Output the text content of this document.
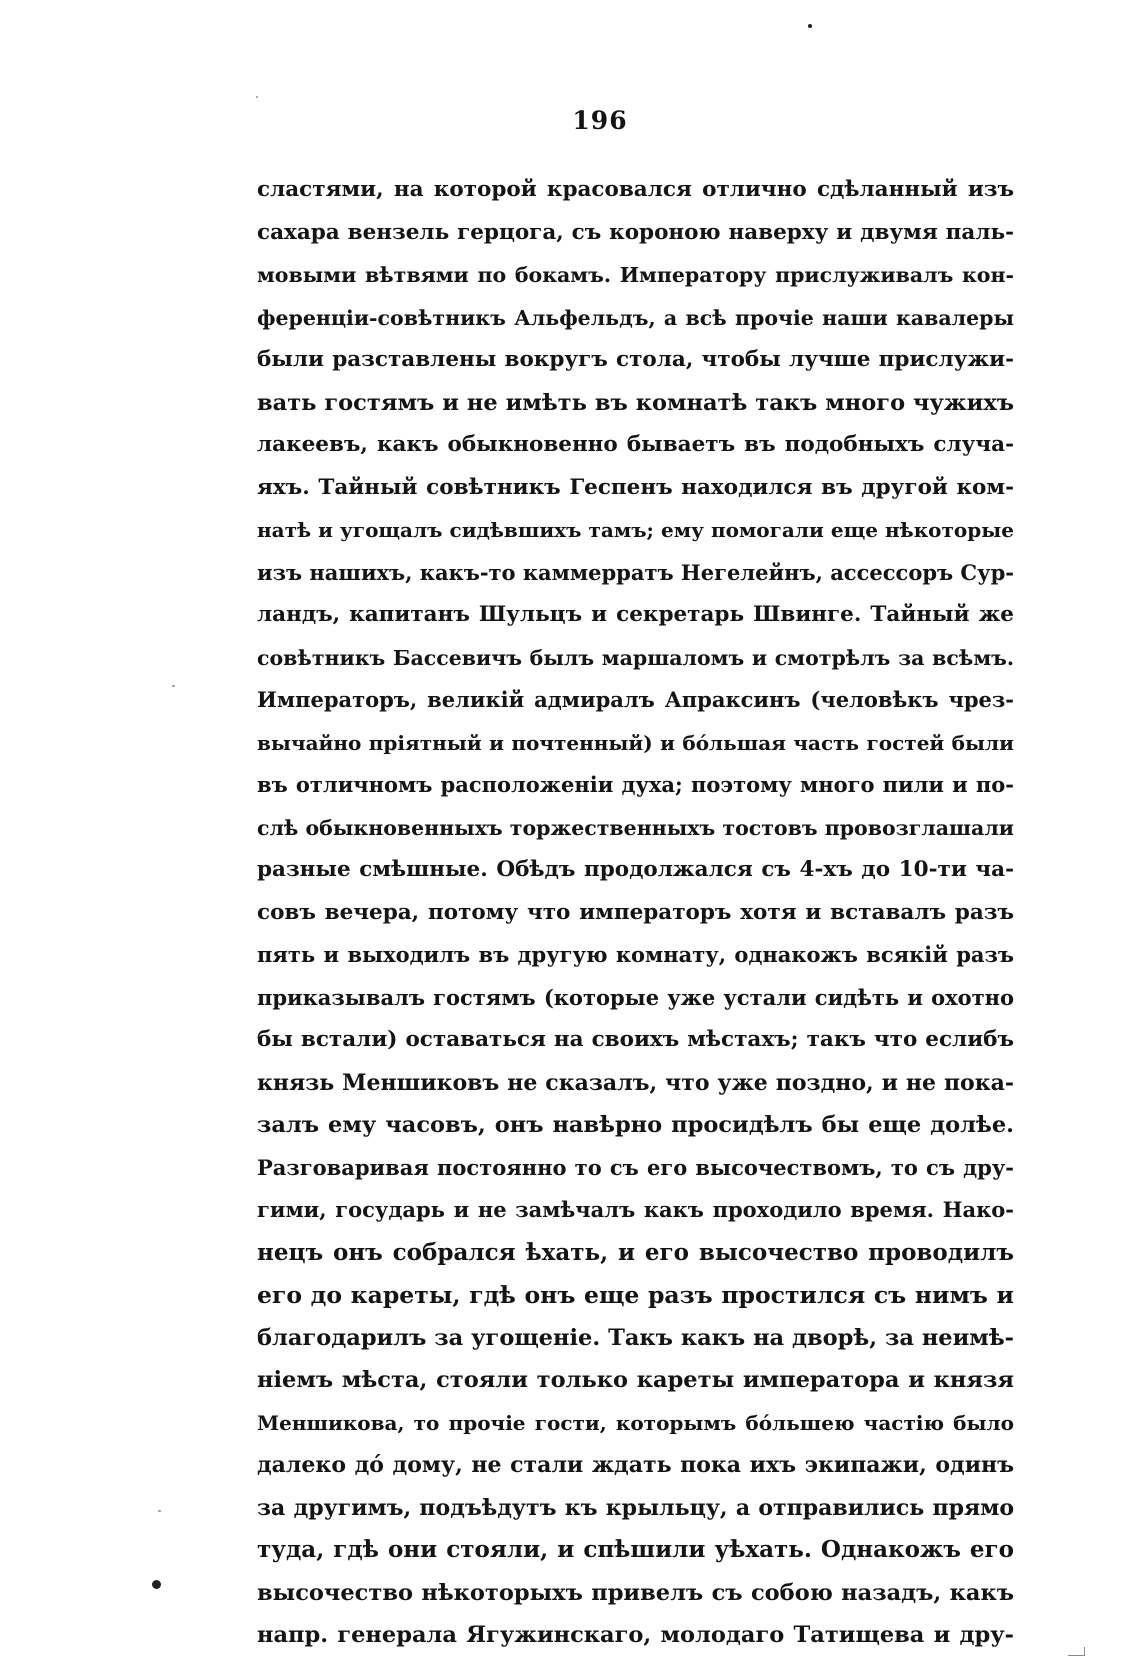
196
сластями, на которой красовался отлично сдѣланный изъ
сахара вензель герцога, съ короною наверху и двумя паль-
мовыми вѣтвями по бокамъ. Императору прислуживалъ кон-
ференціи-совѣтникъ Альфельдъ, а всѣ прочіе наши кавалеры
были разставлены вокругъ стола, чтобы лучше прислужи-
вать гостямъ и не имѣть въ комнатѣ такъ много чужихъ
лакеевъ, какъ обыкновенно бываетъ въ подобныхъ случа-
яхъ. Тайный совѣтникъ Геспенъ находился въ другой ком-
натѣ и угощалъ сидѣвшихъ тамъ; ему помогали еще нѣкоторые
изъ нашихъ, какъ-то каммерратъ Негелейнъ, ассессоръ Сур-
ландъ, капитанъ Шульцъ и секретарь Швинге. Тайный же
совѣтникъ Бассевичъ былъ маршаломъ и смотрѣлъ за всѣмъ.
Императоръ, великій адмиралъ Апраксинъ (человѣкъ чрез-
вычайно пріятный и почтенный) и бóльшая часть гостей были
въ отличномъ расположеніи духа; поэтому много пили и по-
слѣ обыкновенныхъ торжественныхъ тостовъ провозглашали
разные смѣшные. Обѣдъ продолжался съ 4-хъ до 10-ти ча-
совъ вечера, потому что императоръ хотя и вставалъ разъ
пять и выходилъ въ другую комнату, однакожъ всякій разъ
приказывалъ гостямъ (которые уже устали сидѣть и охотно
бы встали) оставаться на своихъ мѣстахъ; такъ что еслибъ
князь Меншиковъ не сказалъ, что уже поздно, и не пока-
залъ ему часовъ, онъ навѣрно просидѣлъ бы еще долѣе.
Разговаривая постоянно то съ его высочествомъ, то съ дру-
гими, государь и не замѣчалъ какъ проходило время. Нако-
нецъ онъ собрался ѣхать, и его высочество проводилъ
его до кареты, гдѣ онъ еще разъ простился съ нимъ и
благодарилъ за угощеніе. Такъ какъ на дворѣ, за неимѣ-
ніемъ мѣста, стояли только кареты императора и князя
Меншикова, то прочіе гости, которымъ бóльшею частію было
далеко дó дому, не стали ждать пока ихъ экипажи, одинъ
за другимъ, подъѣдутъ къ крыльцу, а отправились прямо
туда, гдѣ они стояли, и спѣшили уѣхать. Однакожъ его
высочество нѣкоторыхъ привелъ съ собою назадъ, какъ
напр. генерала Ягужинскаго, молодаго Татищева и дру-
